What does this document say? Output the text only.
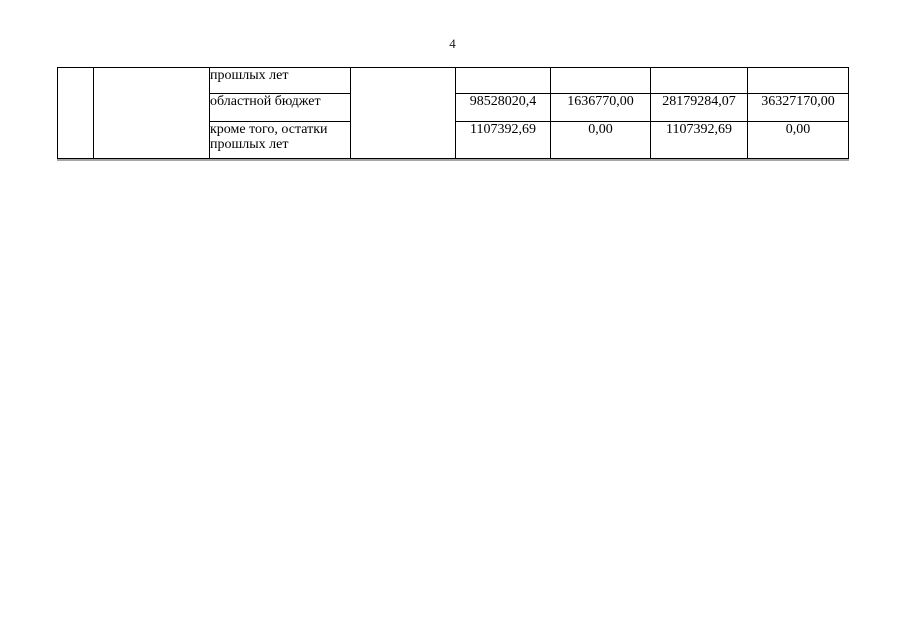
4
		прошлых лет					
		областной бюджет		98528020,4	1636770,00	28179284,07	36327170,00
		кроме того, остатки прошлых лет		1107392,69	0,00	1107392,69	0,00
